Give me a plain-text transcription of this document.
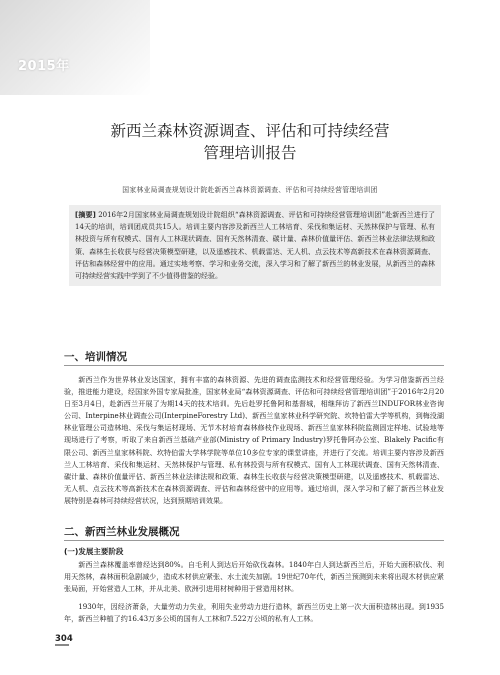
2015年
新西兰森林资源调查、评估和可持续经营
管理培训报告
国家林业局调查规划设计院赴新西兰森林资源调查、评估和可持续经营管理培训团
[摘要] 2016年2月国家林业局调查规划设计院组织“森林资源调查、评估和可持续经营管理培训团”赴新西兰进行了14天的培训，培训团成员共15人。培训主要内容涉及新西兰人工林培育、采伐和集运材、天然林保护与管理、私有林投资与所有权模式、国有人工林现状调查、国有天然林清查、碳计量、森林价值量评估、新西兰林业法律法规和政策、森林生长收获与经营决策模型研建，以及遥感技术、机载雷达、无人机、点云技术等高新技术在森林资源调查、评估和森林经营中的应用。通过实地考察、学习和业务交流，深入学习和了解了新西兰的林业发展，从新西兰的森林可持续经营实践中学到了不少值得借鉴的经验。
一、培训情况

新西兰作为世界林业发达国家，拥有丰富的森林资源、先进的调查监测技术和经营管理经验。为学习借鉴新西兰经验，推进能力建设，经国家外国专家局批准，国家林业局“森林资源调查、评估和可持续经营管理培训团”于2016年2月20日至3月4日，赴新西兰开展了为期14天的技术培训。先后赴罗托鲁阿和基督城，相继拜访了新西兰INDUFOR林业咨询公司、Interpine林业调查公司(InterpineForestry Ltd)、新西兰皇家林业科学研究院、坎特伯雷大学等机构，到梅没湖林业管理公司造林地、采伐与集运材现场、无节木材培育森林修枝作业现场、新西兰皇家林科院监测固定样地、试验地等现场进行了考察，听取了来自新西兰基础产业部(Ministry of Primary Industry)罗托鲁阿办公室、Blakely Pacific有限公司、新西兰皇家林科院、坎特伯雷大学林学院等单位10多位专家的课堂讲座，并进行了交流。培训主要内容涉及新西兰人工林培育、采伐和集运材、天然林保护与管理、私有林投资与所有权模式、国有人工林现状调查、国有天然林清查、碳计量、森林价值量评估、新西兰林业法律法规和政策、森林生长收获与经营决策模型研建，以及遥感技术、机载雷达、无人机、点云技术等高新技术在森林资源调查、评估和森林经营中的应用等。通过培训，深入学习和了解了新西兰林业发展特别是森林可持续经营状况，达到预期培训效果。

二、新西兰林业发展概况
(一)发展主要阶段

新西兰森林覆盖率曾经达到80%。自毛利人到达后开始砍伐森林。1840年白人到达新西兰后，开始大面积砍伐、利用天然林，森林面积急剧减少，造成木材供应紧张、水土流失加剧。19世纪70年代，新西兰预测到未来将出现木材供应紧张局面，开始营造人工林，并从北美、欧洲引进用材树种用于营造用材林。

1930年，因经济萧条，大量劳动力失业，利用失业劳动力进行造林，新西兰历史上第一次大面积造林出现。到1935年，新西兰种植了约16.43万多公顷的国有人工林和7.522万公顷的私有人工林。

304
